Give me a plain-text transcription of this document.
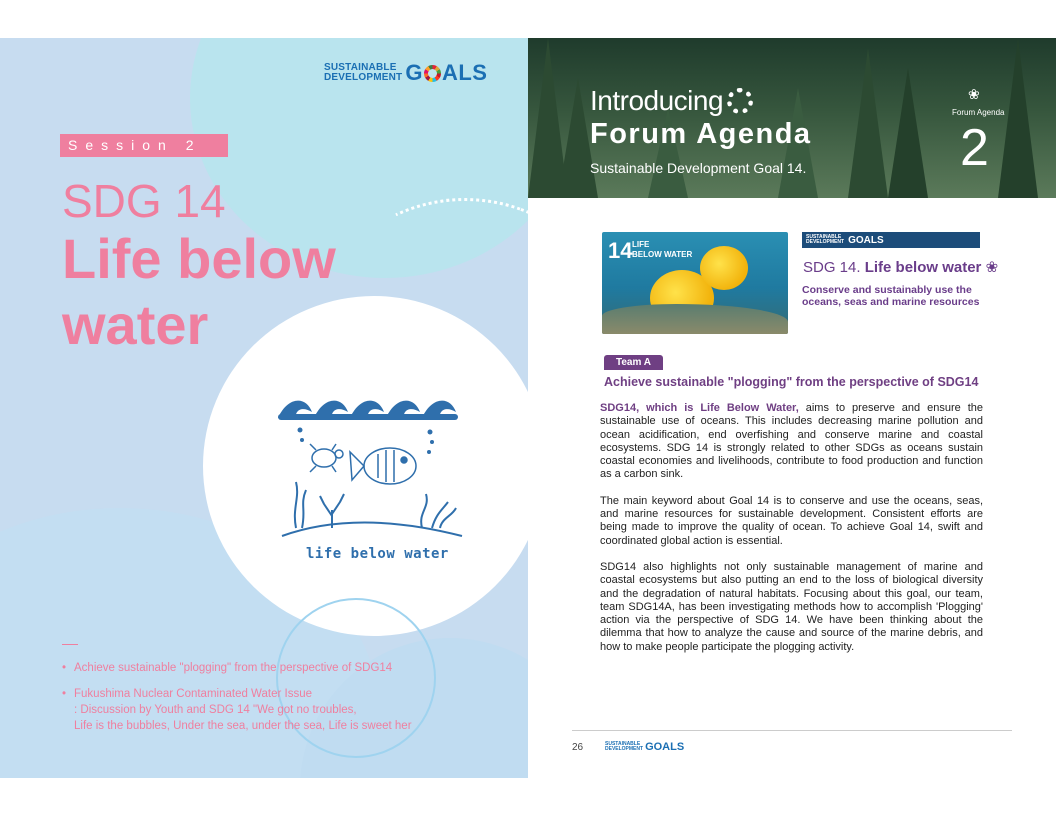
SUSTAINABLE
DEVELOPMENT G ALS
Session 2
SDG 14
Life below
water
life below water
• Achieve sustainable "plogging" from the perspective of SDG14
• Fukushima Nuclear Contaminated Water Issue
: Discussion by Youth and SDG 14 "We got no troubles,
Life is the bubbles, Under the sea, under the sea, Life is sweet her
Introducing
Forum Agenda
Sustainable Development Goal 14.
❀
Forum Agenda
2
14 LIFE
BELOW WATER
SUSTAINABLE
DEVELOPMENT GOALS
SDG 14. Life below water ❀
Conserve and sustainably use the oceans, seas and marine resources
Team A
Achieve sustainable "plogging" from the perspective of SDG14

SDG14, which is Life Below Water, aims to preserve and ensure the sustainable use of oceans. This includes decreasing marine pollution and ocean acidification, end overfishing and conserve marine and coastal ecosystems. SDG 14 is strongly related to other SDGs as oceans sustain coastal economies and livelihoods, contribute to food production and function as a carbon sink.

The main keyword about Goal 14 is to conserve and use the oceans, seas, and marine resources for sustainable development. Consistent efforts are being made to improve the quality of ocean. To achieve Goal 14, swift and coordinated global action is essential.

SDG14 also highlights not only sustainable management of marine and coastal ecosystems but also putting an end to the loss of biological diversity and the degradation of natural habitats. Focusing about this goal, our team, team SDG14A, has been investigating methods how to accomplish 'Plogging' action via the perspective of SDG 14. We have been thinking about the dilemma that how to analyze the cause and source of the marine debris, and how to make people participate the plogging activity.

26	SUSTAINABLE
DEVELOPMENT GOALS
